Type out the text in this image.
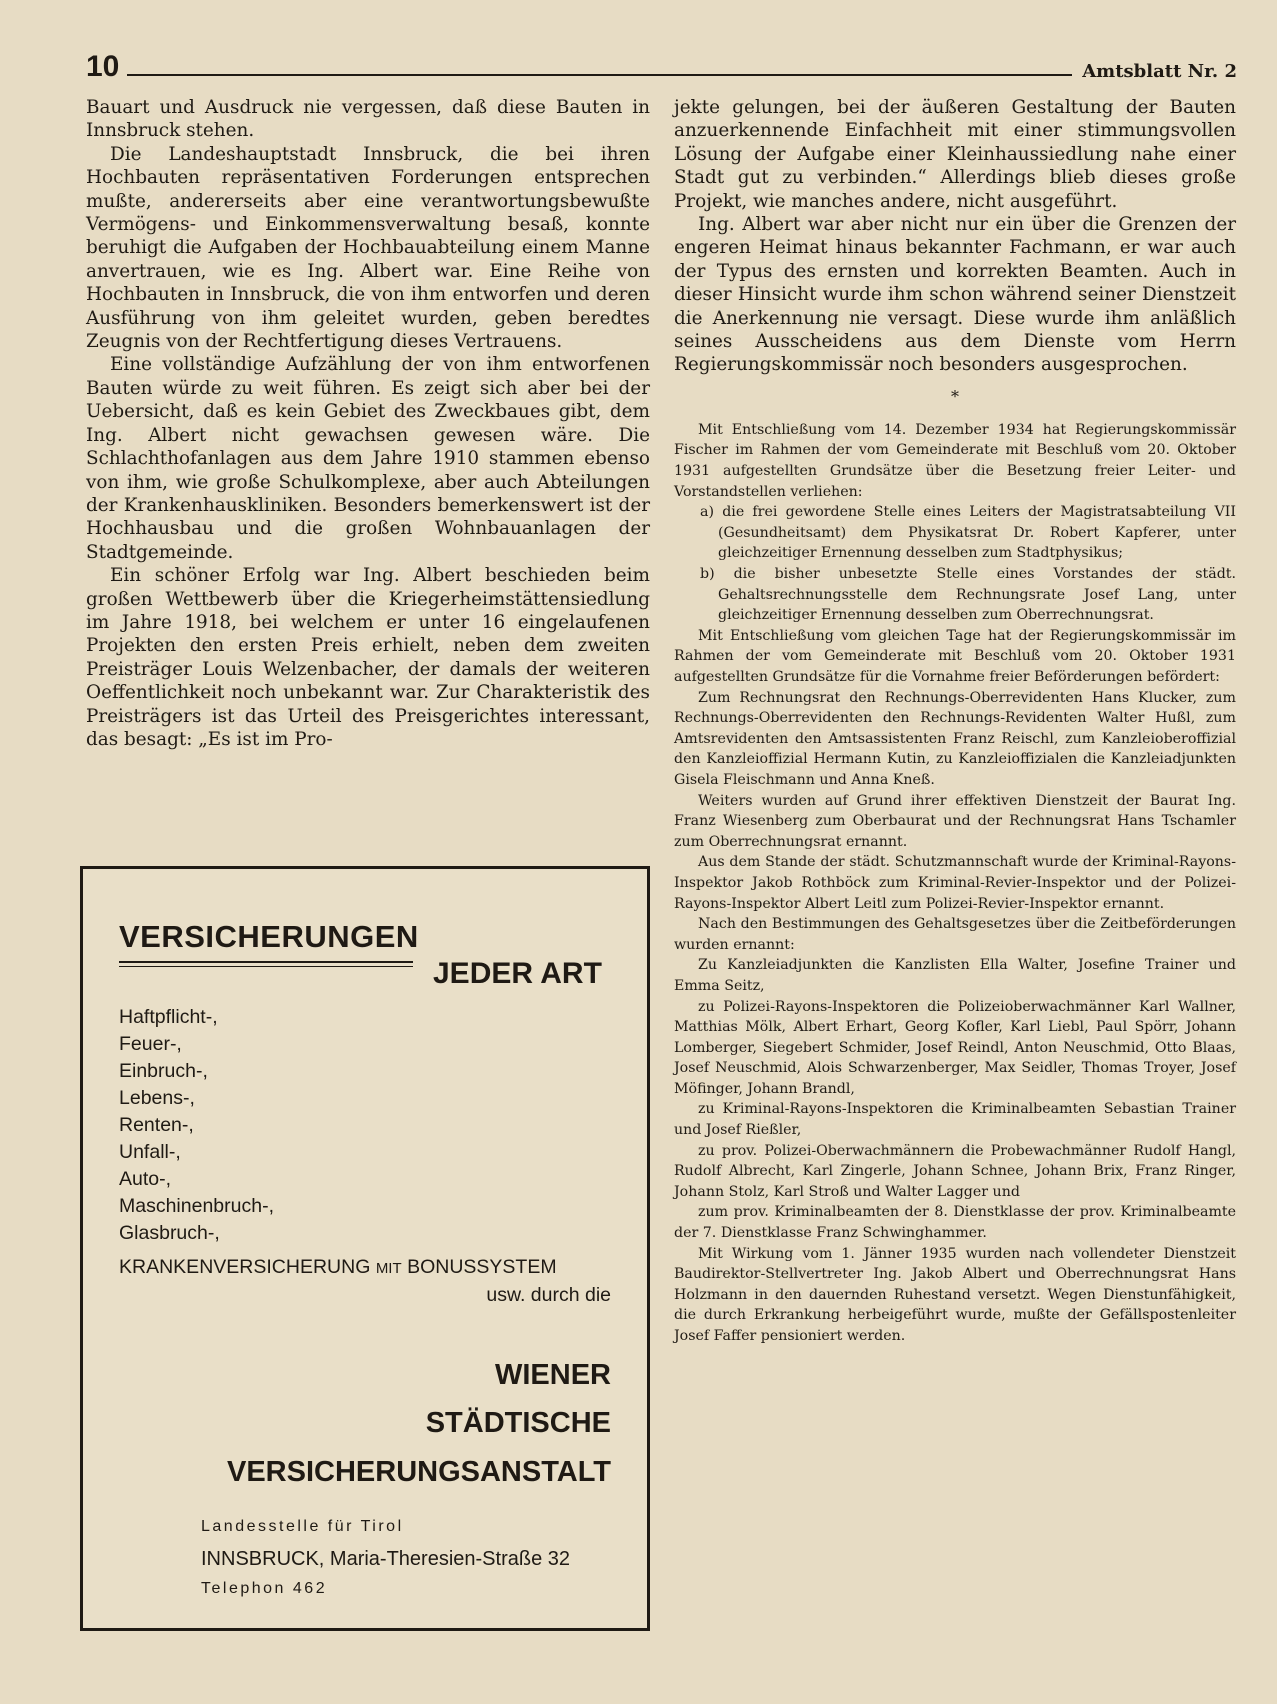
10	Amtsblatt Nr. 2

Bauart und Ausdruck nie vergessen, daß diese Bauten in Innsbruck stehen.

Die Landeshauptstadt Innsbruck, die bei ihren Hochbauten repräsentativen Forderungen entsprechen mußte, andererseits aber eine verantwortungsbewußte Vermögens- und Einkommensverwaltung besaß, konnte beruhigt die Aufgaben der Hochbauabteilung einem Manne anvertrauen, wie es Ing. Albert war. Eine Reihe von Hochbauten in Innsbruck, die von ihm entworfen und deren Ausführung von ihm geleitet wurden, geben beredtes Zeugnis von der Rechtfertigung dieses Vertrauens.

Eine vollständige Aufzählung der von ihm entworfenen Bauten würde zu weit führen. Es zeigt sich aber bei der Uebersicht, daß es kein Gebiet des Zweckbaues gibt, dem Ing. Albert nicht gewachsen gewesen wäre. Die Schlachthofanlagen aus dem Jahre 1910 stammen ebenso von ihm, wie große Schulkomplexe, aber auch Abteilungen der Krankenhauskliniken. Besonders bemerkenswert ist der Hochhausbau und die großen Wohnbauanlagen der Stadtgemeinde.

Ein schöner Erfolg war Ing. Albert beschieden beim großen Wettbewerb über die Kriegerheimstättensiedlung im Jahre 1918, bei welchem er unter 16 eingelaufenen Projekten den ersten Preis erhielt, neben dem zweiten Preisträger Louis Welzenbacher, der damals der weiteren Oeffentlichkeit noch unbekannt war. Zur Charakteristik des Preisträgers ist das Urteil des Preisgerichtes interessant, das besagt: „Es ist im Pro-

VERSICHERUNGEN
JEDER ART
Haftpflicht-,
Feuer-,
Einbruch-,
Lebens-,
Renten-,
Unfall-,
Auto-,
Maschinenbruch-,
Glasbruch-,
KRANKENVERSICHERUNG MIT BONUSSYSTEM
usw. durch die
WIENER
STÄDTISCHE
VERSICHERUNGSANSTALT
Landesstelle für Tirol
INNSBRUCK, Maria-Theresien-Straße 32
Telephon 462

jekte gelungen, bei der äußeren Gestaltung der Bauten anzuerkennende Einfachheit mit einer stimmungsvollen Lösung der Aufgabe einer Kleinhaussiedlung nahe einer Stadt gut zu verbinden.“ Allerdings blieb dieses große Projekt, wie manches andere, nicht ausgeführt.

Ing. Albert war aber nicht nur ein über die Grenzen der engeren Heimat hinaus bekannter Fachmann, er war auch der Typus des ernsten und korrekten Beamten. Auch in dieser Hinsicht wurde ihm schon während seiner Dienstzeit die Anerkennung nie versagt. Diese wurde ihm anläßlich seines Ausscheidens aus dem Dienste vom Herrn Regierungskommissär noch besonders ausgesprochen.

*

Mit Entschließung vom 14. Dezember 1934 hat Regierungskommissär Fischer im Rahmen der vom Gemeinderate mit Beschluß vom 20. Oktober 1931 aufgestellten Grundsätze über die Besetzung freier Leiter- und Vorstandstellen verliehen:

a) die frei gewordene Stelle eines Leiters der Magistratsabteilung VII (Gesundheitsamt) dem Physikatsrat Dr. Robert Kapferer, unter gleichzeitiger Ernennung desselben zum Stadtphysikus;

b) die bisher unbesetzte Stelle eines Vorstandes der städt. Gehaltsrechnungsstelle dem Rechnungsrate Josef Lang, unter gleichzeitiger Ernennung desselben zum Oberrechnungsrat.

Mit Entschließung vom gleichen Tage hat der Regierungskommissär im Rahmen der vom Gemeinderate mit Beschluß vom 20. Oktober 1931 aufgestellten Grundsätze für die Vornahme freier Beförderungen befördert:

Zum Rechnungsrat den Rechnungs-Oberrevidenten Hans Klucker, zum Rechnungs-Oberrevidenten den Rechnungs-Revidenten Walter Hußl, zum Amtsrevidenten den Amtsassistenten Franz Reischl, zum Kanzleioberoffizial den Kanzleioffizial Hermann Kutin, zu Kanzleioffizialen die Kanzleiadjunkten Gisela Fleischmann und Anna Kneß.

Weiters wurden auf Grund ihrer effektiven Dienstzeit der Baurat Ing. Franz Wiesenberg zum Oberbaurat und der Rechnungsrat Hans Tschamler zum Oberrechnungsrat ernannt.

Aus dem Stande der städt. Schutzmannschaft wurde der Kriminal-Rayons-Inspektor Jakob Rothböck zum Kriminal-Revier-Inspektor und der Polizei-Rayons-Inspektor Albert Leitl zum Polizei-Revier-Inspektor ernannt.

Nach den Bestimmungen des Gehaltsgesetzes über die Zeitbeförderungen wurden ernannt:

Zu Kanzleiadjunkten die Kanzlisten Ella Walter, Josefine Trainer und Emma Seitz,

zu Polizei-Rayons-Inspektoren die Polizeioberwachmänner Karl Wallner, Matthias Mölk, Albert Erhart, Georg Kofler, Karl Liebl, Paul Spörr, Johann Lomberger, Siegebert Schmider, Josef Reindl, Anton Neuschmid, Otto Blaas, Josef Neuschmid, Alois Schwarzenberger, Max Seidler, Thomas Troyer, Josef Möfinger, Johann Brandl,

zu Kriminal-Rayons-Inspektoren die Kriminalbeamten Sebastian Trainer und Josef Rießler,

zu prov. Polizei-Oberwachmännern die Probewachmänner Rudolf Hangl, Rudolf Albrecht, Karl Zingerle, Johann Schnee, Johann Brix, Franz Ringer, Johann Stolz, Karl Stroß und Walter Lagger und

zum prov. Kriminalbeamten der 8. Dienstklasse der prov. Kriminalbeamte der 7. Dienstklasse Franz Schwinghammer.

Mit Wirkung vom 1. Jänner 1935 wurden nach vollendeter Dienstzeit Baudirektor-Stellvertreter Ing. Jakob Albert und Oberrechnungsrat Hans Holzmann in den dauernden Ruhestand versetzt. Wegen Dienstunfähigkeit, die durch Erkrankung herbeigeführt wurde, mußte der Gefällspostenleiter Josef Faffer pensioniert werden.
